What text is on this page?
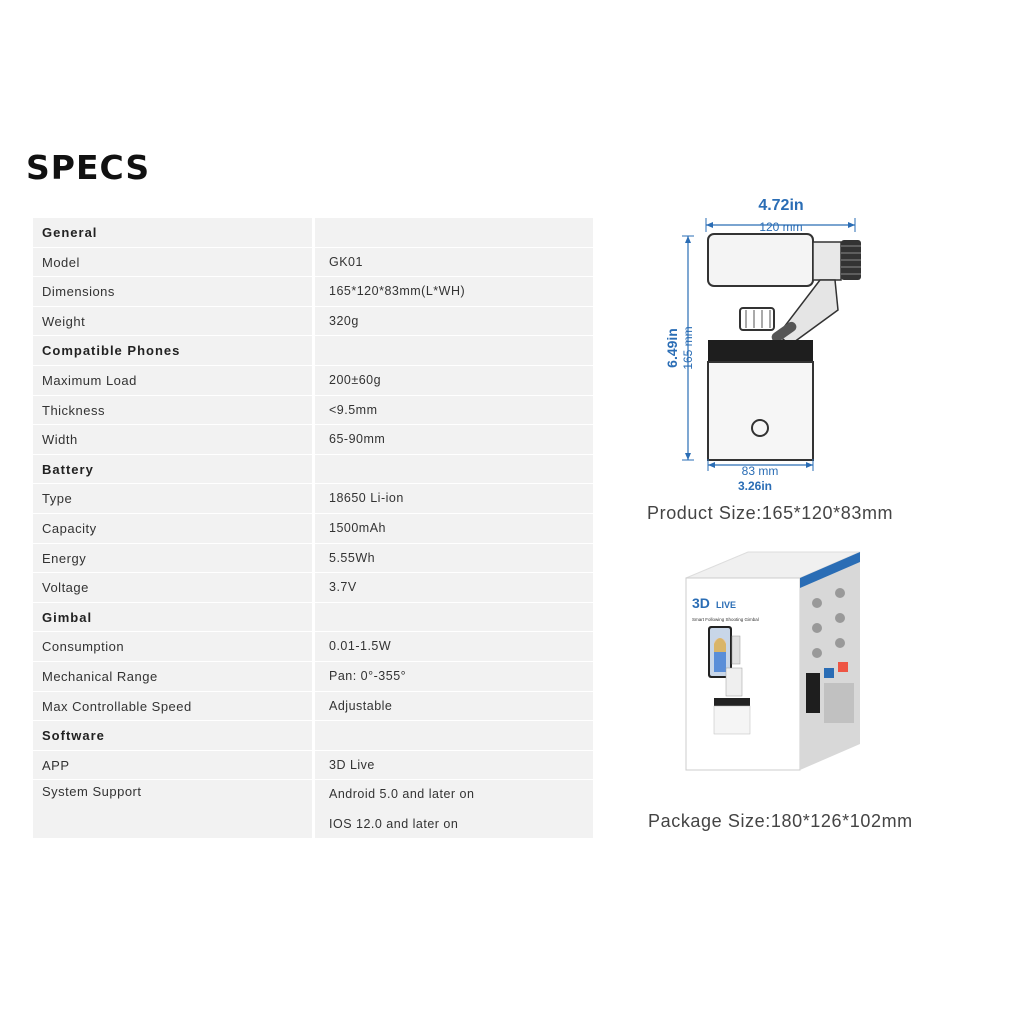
SPECS
General
Model	GK01
Dimensions	165*120*83mm(L*WH)
Weight	320g
Compatible Phones
Maximum Load	200±60g
Thickness	<9.5mm
Width	65-90mm
Battery
Type	18650 Li-ion
Capacity	1500mAh
Energy	5.55Wh
Voltage	3.7V
Gimbal
Consumption	0.01-1.5W
Mechanical Range	Pan: 0°-355°
Max Controllable Speed	Adjustable
Software
APP	3D Live
System Support	Android 5.0 and later on
IOS 12.0 and later on
4.72in
120 mm
6.49in 165 mm
83 mm
3.26in
Product Size:165*120*83mm
3D LIVE
Smart Following Shooting Gimbal
Package Size:180*126*102mm
